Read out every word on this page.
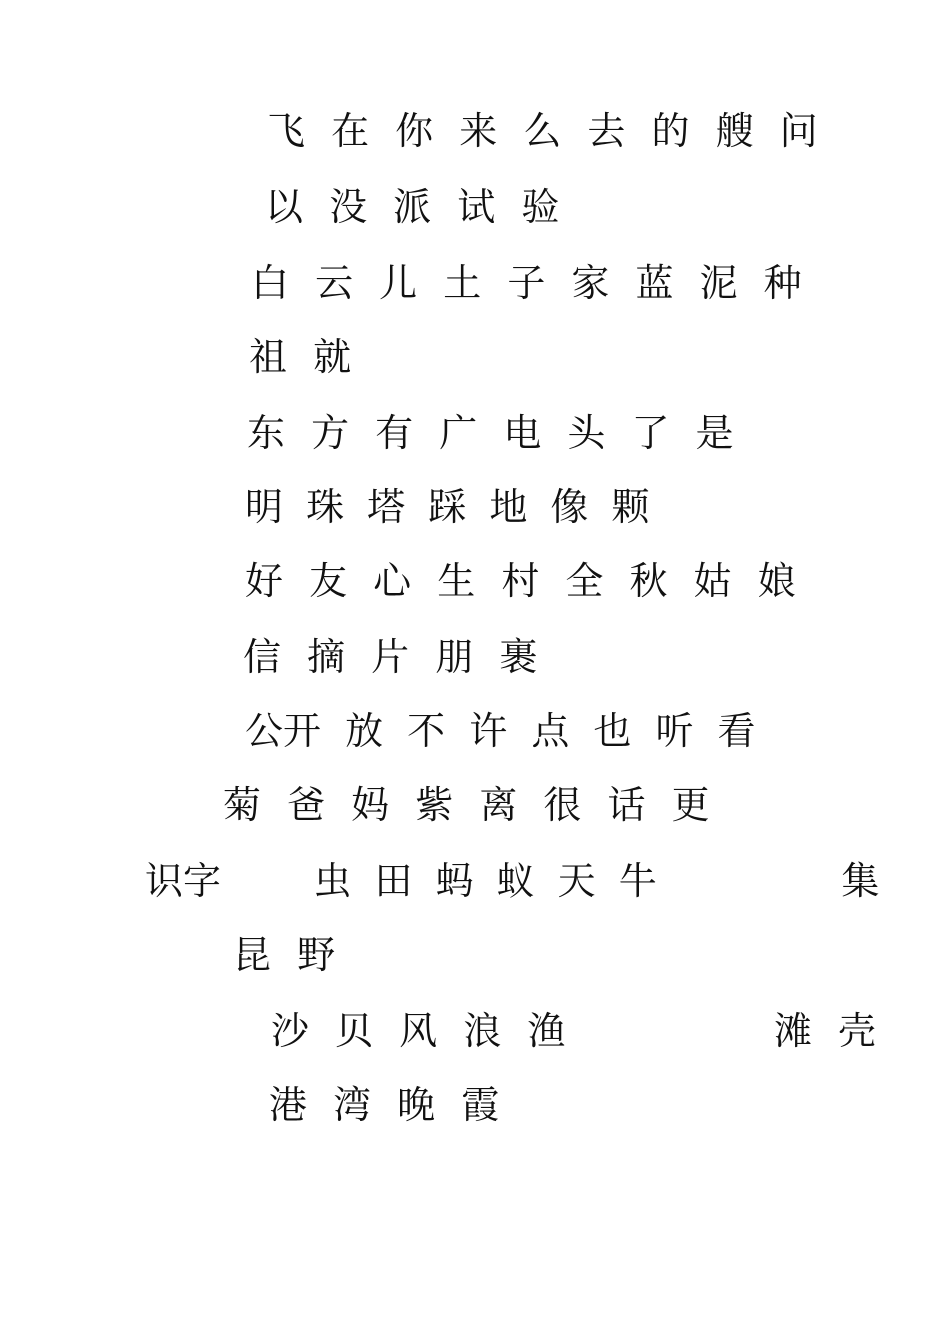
飞 在 你 来 么 去 的 艘 问
以 没 派 试 验
白 云 儿 土 子 家 蓝 泥 种
祖 就
东 方 有 广 电 头 了 是
明 珠 塔 踩 地 像 颗
好 友 心 生 村 全 秋 姑 娘
信 摘 片 朋 裹
公开 放 不 许 点 也 听 看
菊 爸 妈 紫 离 很 话 更
识字    虫 田 蚂 蚁 天 牛        集
昆 野
沙 贝 风 浪 渔        滩 壳
港 湾 晚 霞
